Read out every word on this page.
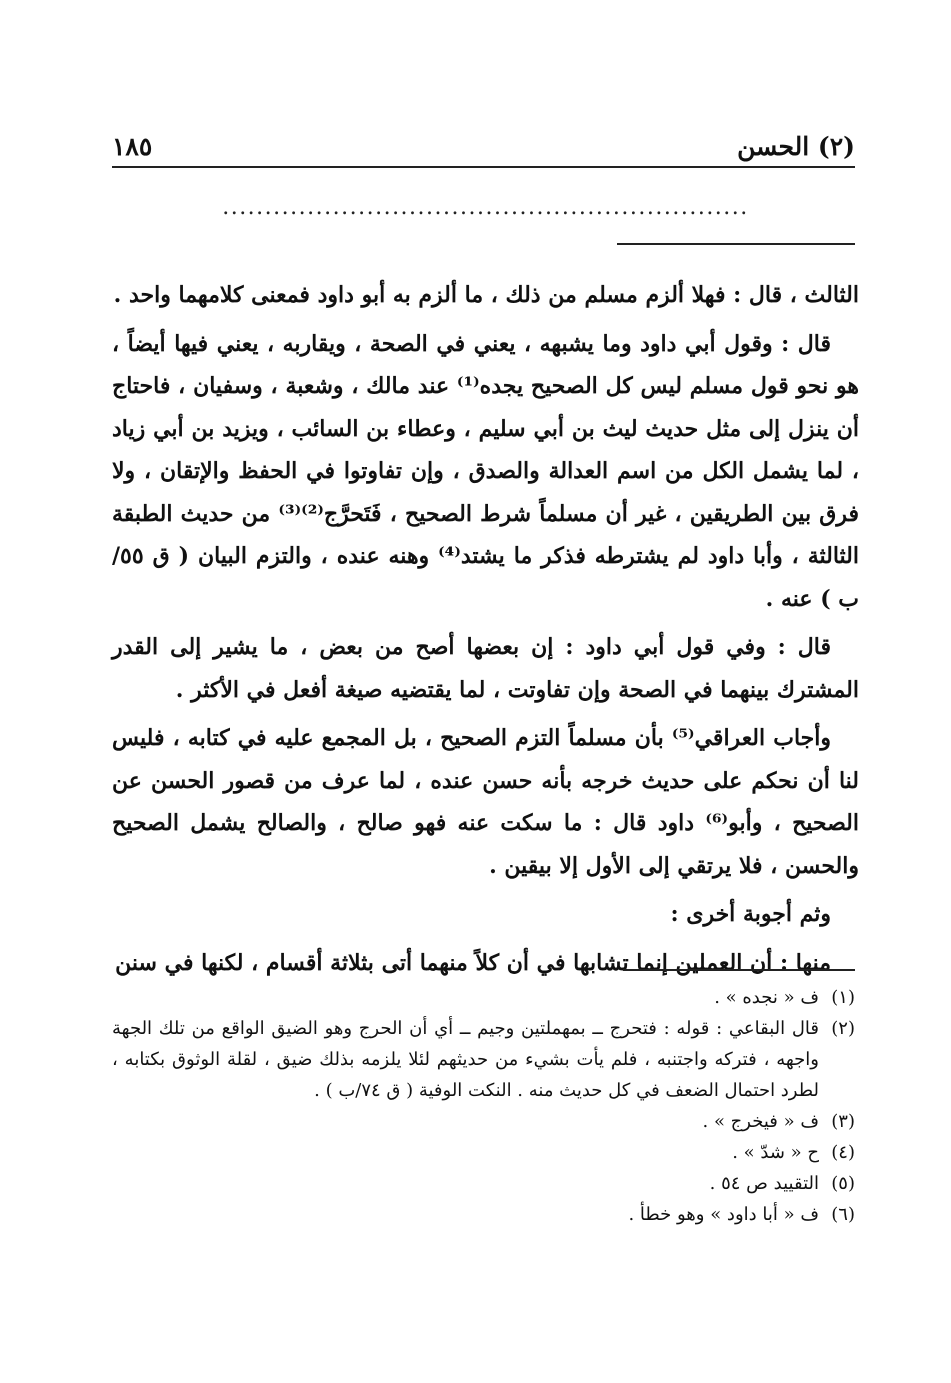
(٢) الحسن
١٨٥
..............................................................

الثالث ، قال : فهلا ألزم مسلم من ذلك ، ما ألزم به أبو داود فمعنى كلامهما واحد .

قال : وقول أبي داود وما يشبهه ، يعني في الصحة ، ويقاربه ، يعني فيها أيضاً ، هو نحو قول مسلم ليس كل الصحيح يجده⁽¹⁾ عند مالك ، وشعبة ، وسفيان ، فاحتاج أن ينزل إلى مثل حديث ليث بن أبي سليم ، وعطاء بن السائب ، ويزيد بن أبي زياد ، لما يشمل الكل من اسم العدالة والصدق ، وإن تفاوتوا في الحفظ والإتقان ، ولا فرق بين الطريقين ، غير أن مسلماً شرط الصحيح ، فَتَحرَّج⁽²⁾⁽³⁾ من حديث الطبقة الثالثة ، وأبا داود لم يشترطه فذكر ما يشتد⁽⁴⁾ وهنه عنده ، والتزم البيان ( ق ٥٥/ب ) عنه .

قال : وفي قول أبي داود : إن بعضها أصح من بعض ، ما يشير إلى القدر المشترك بينهما في الصحة وإن تفاوتت ، لما يقتضيه صيغة أفعل في الأكثر .

وأجاب العراقي⁽⁵⁾ بأن مسلماً التزم الصحيح ، بل المجمع عليه في كتابه ، فليس لنا أن نحكم على حديث خرجه بأنه حسن عنده ، لما عرف من قصور الحسن عن الصحيح ، وأبو⁽⁶⁾ داود قال : ما سكت عنه فهو صالح ، والصالح يشمل الصحيح والحسن ، فلا يرتقي إلى الأول إلا بيقين .

وثم أجوبة أخرى :

منها : أن العملين إنما تشابها في أن كلاً منهما أتى بثلاثة أقسام ، لكنها في سنن

(١)
ف « نجده » .
(٢)
قال البقاعي : قوله : فتحرج ــ بمهملتين وجيم ــ أي أن الحرج وهو الضيق الواقع من تلك الجهة واجهه ، فتركه واجتنبه ، فلم يأت بشيء من حديثهم لئلا يلزمه بذلك ضيق ، لقلة الوثوق بكتابه ، لطرد احتمال الضعف في كل حديث منه . النكت الوفية ( ق ٧٤/ب ) .
(٣)
ف « فيخرج » .
(٤)
ح « شدّ » .
(٥)
التقييد ص ٥٤ .
(٦)
ف « أبا داود » وهو خطأ .
